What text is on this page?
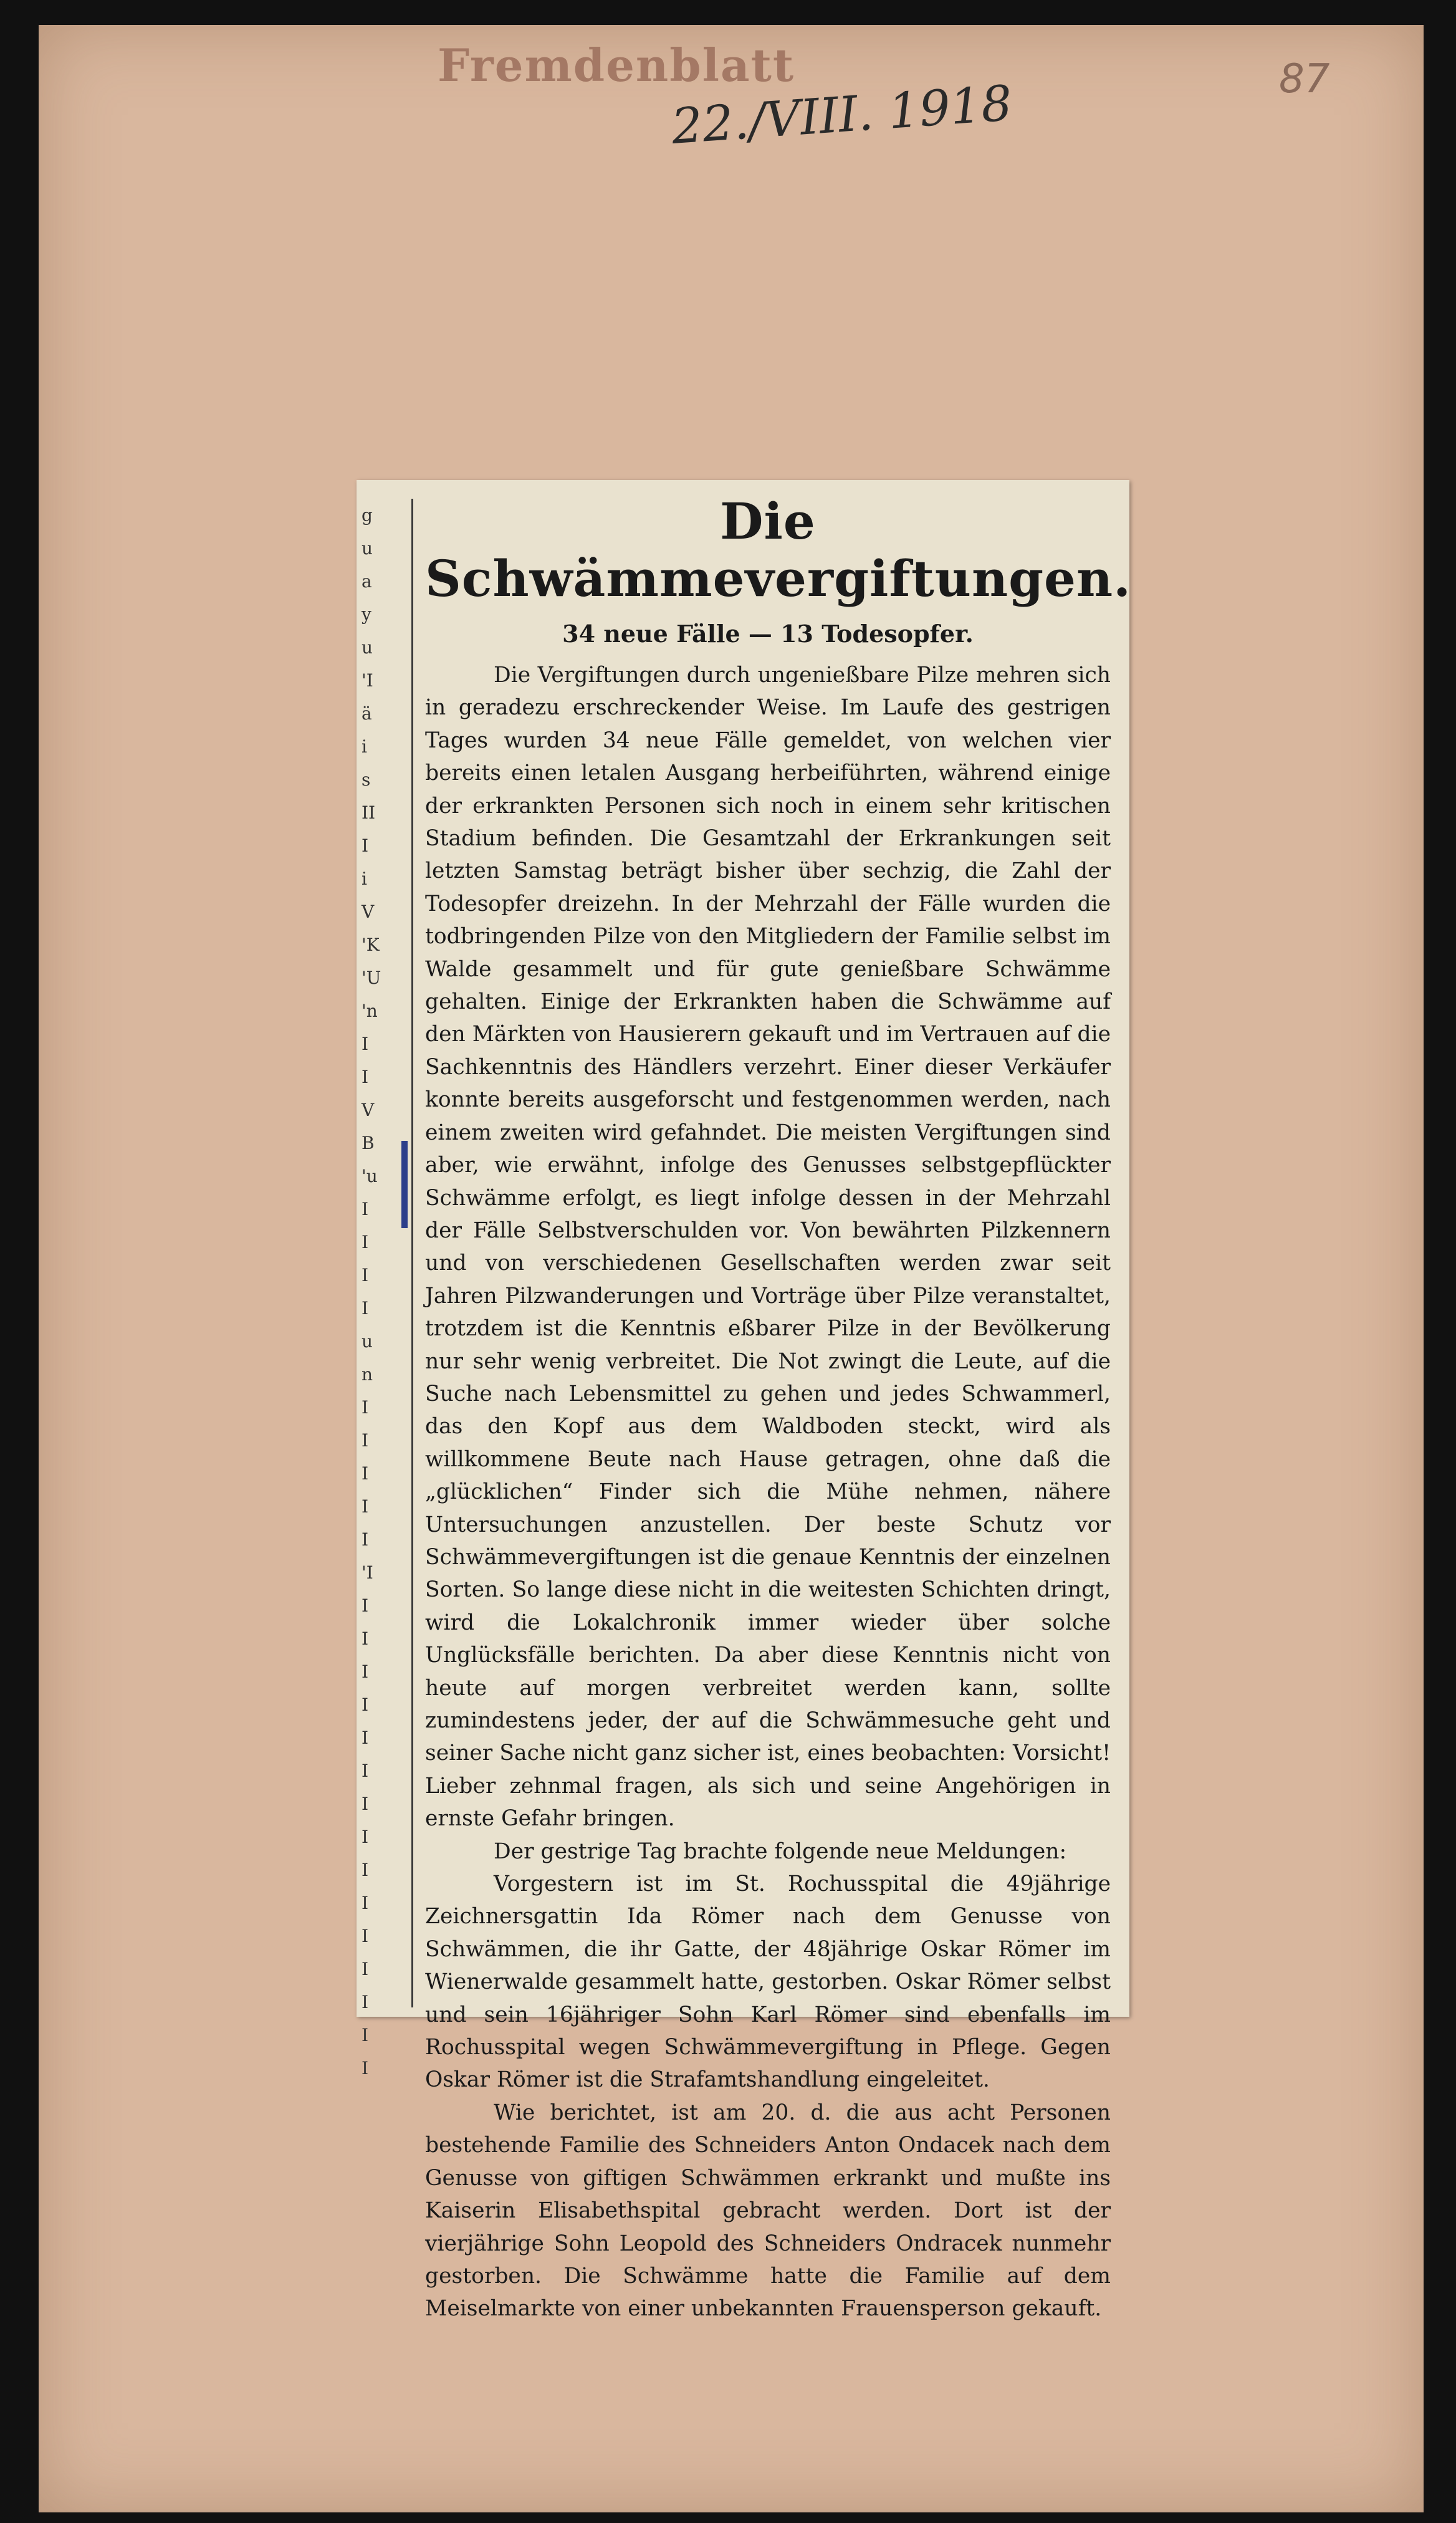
Fremdenblatt
22./VIII. 1918	87
g
u
a
y
u
'I
ä
i
s
II
I
i
V
'K
'U
'n
I
I
V
B
'u
I
I
I
I
u
n
I
I
I
I
I
'I
I
I
I
I
I
I
I
I
I
I
I
I
I
I
I
Die Schwämmevergiftungen.
34 neue Fälle — 13 Todesopfer.

Die Vergiftungen durch ungenießbare Pilze mehren sich in geradezu erschreckender Weise. Im Laufe des gestrigen Tages wurden 34 neue Fälle gemeldet, von welchen vier bereits einen letalen Ausgang herbeiführten, während einige der erkrankten Personen sich noch in einem sehr kritischen Stadium befinden. Die Gesamtzahl der Erkrankungen seit letzten Samstag beträgt bisher über sechzig, die Zahl der Todesopfer dreizehn. In der Mehrzahl der Fälle wurden die todbringenden Pilze von den Mitgliedern der Familie selbst im Walde gesammelt und für gute genießbare Schwämme gehalten. Einige der Erkrankten haben die Schwämme auf den Märkten von Hausierern gekauft und im Vertrauen auf die Sachkenntnis des Händlers verzehrt. Einer dieser Verkäufer konnte bereits ausgeforscht und festgenommen werden, nach einem zweiten wird gefahndet. Die meisten Vergiftungen sind aber, wie erwähnt, infolge des Genusses selbstgepflückter Schwämme erfolgt, es liegt infolge dessen in der Mehrzahl der Fälle Selbstverschulden vor. Von bewährten Pilzkennern und von verschiedenen Gesellschaften werden zwar seit Jahren Pilzwanderungen und Vorträge über Pilze veranstaltet, trotzdem ist die Kenntnis eßbarer Pilze in der Bevölkerung nur sehr wenig verbreitet. Die Not zwingt die Leute, auf die Suche nach Lebensmittel zu gehen und jedes Schwammerl, das den Kopf aus dem Waldboden steckt, wird als willkommene Beute nach Hause getragen, ohne daß die „glücklichen“ Finder sich die Mühe nehmen, nähere Untersuchungen anzustellen. Der beste Schutz vor Schwämmevergiftungen ist die genaue Kenntnis der einzelnen Sorten. So lange diese nicht in die weitesten Schichten dringt, wird die Lokalchronik immer wieder über solche Unglücksfälle berichten. Da aber diese Kenntnis nicht von heute auf morgen verbreitet werden kann, sollte zumindestens jeder, der auf die Schwämmesuche geht und seiner Sache nicht ganz sicher ist, eines beobachten: Vorsicht! Lieber zehnmal fragen, als sich und seine Angehörigen in ernste Gefahr bringen.

Der gestrige Tag brachte folgende neue Meldungen:

Vorgestern ist im St. Rochusspital die 49jährige Zeichnersgattin Ida Römer nach dem Genusse von Schwämmen, die ihr Gatte, der 48jährige Oskar Römer im Wienerwalde gesammelt hatte, gestorben. Oskar Römer selbst und sein 16jähriger Sohn Karl Römer sind ebenfalls im Rochusspital wegen Schwämmevergiftung in Pflege. Gegen Oskar Römer ist die Strafamtshandlung eingeleitet.

Wie berichtet, ist am 20. d. die aus acht Personen bestehende Familie des Schneiders Anton Ondacek nach dem Genusse von giftigen Schwämmen erkrankt und mußte ins Kaiserin Elisabethspital gebracht werden. Dort ist der vierjährige Sohn Leopold des Schneiders Ondracek nunmehr gestorben. Die Schwämme hatte die Familie auf dem Meiselmarkte von einer unbekannten Frauensperson gekauft.
